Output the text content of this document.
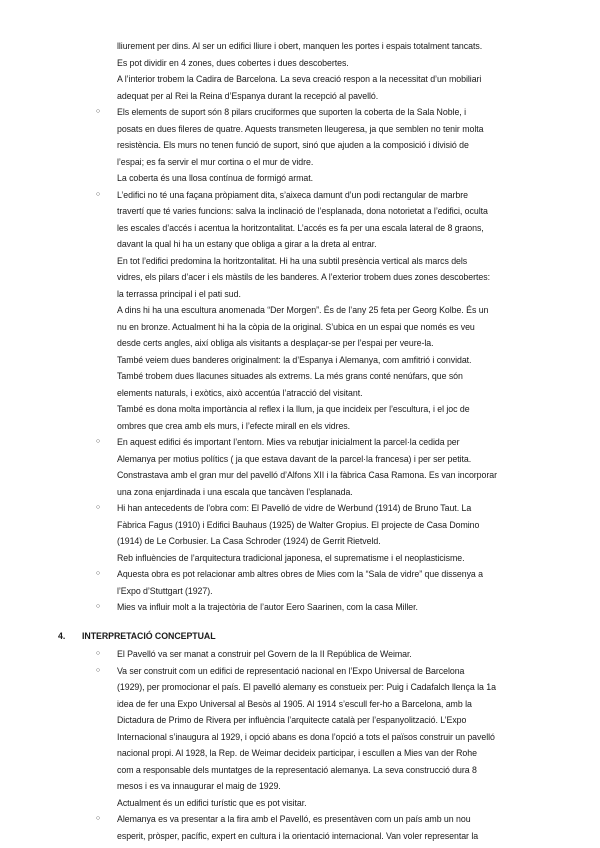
lliurement per dins. Al ser un edifici lliure i obert, manquen les portes i espais totalment tancats.
Es pot dividir en 4 zones, dues cobertes i dues descobertes.
A l’interior trobem la Cadira de Barcelona. La seva creació respon a la necessitat d’un mobiliari
adequat per al Rei la Reina d’Espanya durant la recepció al pavelló.
○	Els elements de suport són 8 pilars cruciformes que suporten la coberta de la Sala Noble, i
posats en dues fileres de quatre. Aquests transmeten lleugeresa, ja que semblen no tenir molta
resistència. Els murs no tenen funció de suport, sinó que ajuden a la composició i divisió de
l’espai; es fa servir el mur cortina o el mur de vidre.
La coberta és una llosa contínua de formigó armat.
○	L’edifici no té una façana pròpiament dita, s’aixeca damunt d’un podi rectangular de marbre
travertí que té varies funcions: salva la inclinació de l’esplanada, dona notorietat a l’edifici, oculta
les escales d’accés i acentua la horitzontalitat. L’accés es fa per una escala lateral de 8 graons,
davant la qual hi ha un estany que obliga a girar a la dreta al entrar.
En tot l’edifici predomina la horitzontalitat. Hi ha una subtil presència vertical als marcs dels
vidres, els pilars d’acer i els màstils de les banderes. A l’exterior trobem dues zones descobertes:
la terrassa principal i el pati sud.
A dins hi ha una escultura anomenada “Der Morgen”. És de l’any 25 feta per Georg Kolbe. És un
nu en bronze. Actualment hi ha la còpia de la original. S’ubica en un espai que només es veu
desde certs angles, així obliga als visitants a desplaçar-se per l’espai per veure-la.
També veiem dues banderes originalment: la d’Espanya i Alemanya, com amfitrió i convidat.
També trobem dues llacunes situades als extrems. La més grans conté nenúfars, que són
elements naturals, i exòtics, això accentúa l’atracció del visitant.
També es dona molta importància al reflex i la llum, ja que incideix per l’escultura, i el joc de
ombres que crea amb els murs, i l’efecte mirall en els vidres.
○	En aquest edifici és important l’entorn. Mies va rebutjar inicialment la parcel·la cedida per
Alemanya per motius polítics ( ja que estava davant de la parcel·la francesa) i per ser petita.
Constrastava amb el gran mur del pavelló d’Alfons XII i la fàbrica Casa Ramona. Es van incorporar
una zona enjardinada i una escala que tancàven l’esplanada.
○	Hi han antecedents de l’obra com: El Pavelló de vidre de Werbund (1914) de Bruno Taut. La
Fàbrica Fagus (1910) i Edifici Bauhaus (1925) de Walter Gropius. El projecte de Casa Domino
(1914) de Le Corbusier. La Casa Schroder (1924) de Gerrit Rietveld.
Reb influències de l’arquitectura tradicional japonesa, el suprematisme i el neoplasticisme.
○	Aquesta obra es pot relacionar amb altres obres de Mies com la “Sala de vidre” que dissenya a
l’Expo d’Stuttgart (1927).
○	Mies va influir molt a la trajectòria de l’autor Eero Saarinen, com la casa Miller.
4. INTERPRETACIÓ CONCEPTUAL
○	El Pavelló va ser manat a construir pel Govern de la II República de Weimar.
○	Va ser construit com un edifici de representació nacional en l’Expo Universal de Barcelona
(1929), per promocionar el país. El pavelló alemany es constueix per: Puig i Cadafalch llença la 1a
idea de fer una Expo Universal al Besòs al 1905. Al 1914 s’escull fer-ho a Barcelona, amb la
Dictadura de Primo de Rivera per influència l’arquitecte català per l’espanyolització. L’Expo
Internacional s’inaugura al 1929, i opció abans es dona l’opció a tots el països construir un pavelló
nacional propi. Al 1928, la Rep. de Weimar decideix participar, i escullen a Mies van der Rohe
com a responsable dels muntatges de la representació alemanya. La seva construcció dura 8
mesos i es va innaugurar el maig de 1929.
Actualment és un edifici turístic que es pot visitar.
○	Alemanya es va presentar a la fira amb el Pavelló, es presentàven com un país amb un nou
esperit, pròsper, pacífic, expert en cultura i la orientació internacional. Van voler representar la
